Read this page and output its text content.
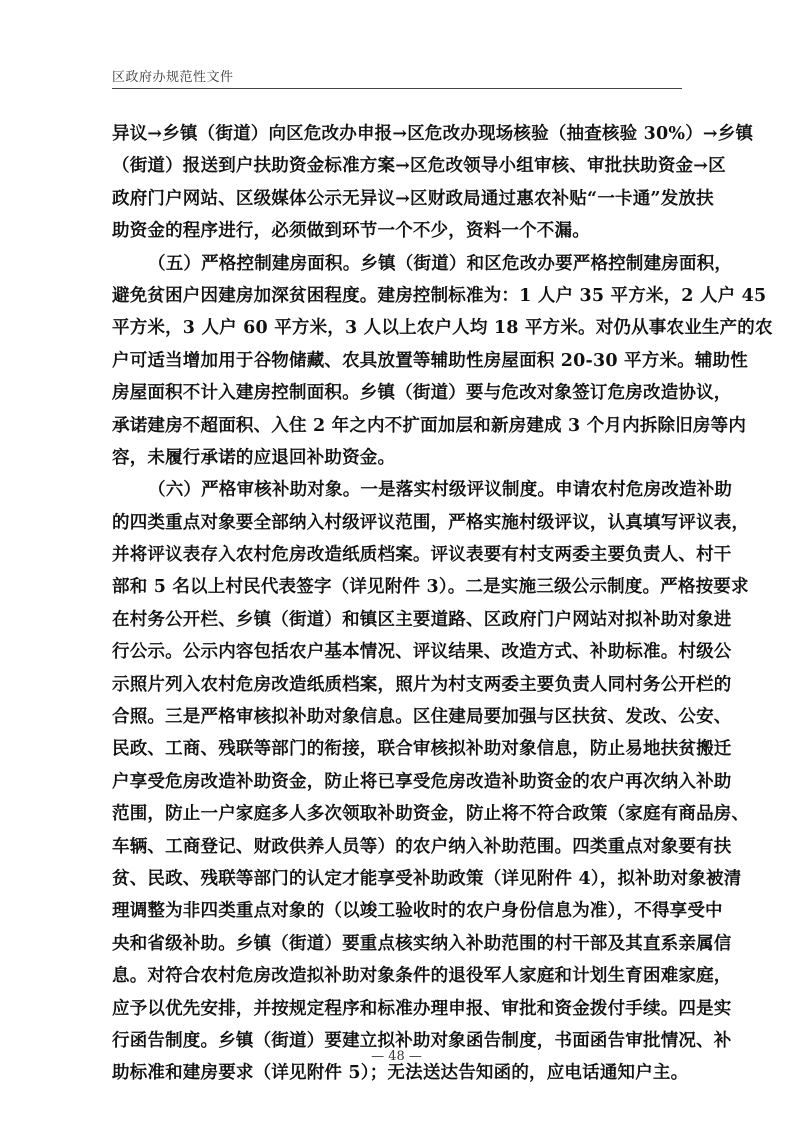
区政府办规范性文件
异议→乡镇（街道）向区危改办申报→区危改办现场核验（抽查核验 30%）→乡镇
（街道）报送到户扶助资金标准方案→区危改领导小组审核、审批扶助资金→区
政府门户网站、区级媒体公示无异议→区财政局通过惠农补贴“一卡通”发放扶
助资金的程序进行，必须做到环节一个不少，资料一个不漏。
（五）严格控制建房面积。乡镇（街道）和区危改办要严格控制建房面积，
避免贫困户因建房加深贫困程度。建房控制标准为：1 人户 35 平方米，2 人户 45
平方米，3 人户 60 平方米，3 人以上农户人均 18 平方米。对仍从事农业生产的农
户可适当增加用于谷物储藏、农具放置等辅助性房屋面积 20-30 平方米。辅助性
房屋面积不计入建房控制面积。乡镇（街道）要与危改对象签订危房改造协议，
承诺建房不超面积、入住 2 年之内不扩面加层和新房建成 3 个月内拆除旧房等内
容，未履行承诺的应退回补助资金。
（六）严格审核补助对象。一是落实村级评议制度。申请农村危房改造补助
的四类重点对象要全部纳入村级评议范围，严格实施村级评议，认真填写评议表，
并将评议表存入农村危房改造纸质档案。评议表要有村支两委主要负责人、村干
部和 5 名以上村民代表签字（详见附件 3）。二是实施三级公示制度。严格按要求
在村务公开栏、乡镇（街道）和镇区主要道路、区政府门户网站对拟补助对象进
行公示。公示内容包括农户基本情况、评议结果、改造方式、补助标准。村级公
示照片列入农村危房改造纸质档案，照片为村支两委主要负责人同村务公开栏的
合照。三是严格审核拟补助对象信息。区住建局要加强与区扶贫、发改、公安、
民政、工商、残联等部门的衔接，联合审核拟补助对象信息，防止易地扶贫搬迁
户享受危房改造补助资金，防止将已享受危房改造补助资金的农户再次纳入补助
范围，防止一户家庭多人多次领取补助资金，防止将不符合政策（家庭有商品房、
车辆、工商登记、财政供养人员等）的农户纳入补助范围。四类重点对象要有扶
贫、民政、残联等部门的认定才能享受补助政策（详见附件 4），拟补助对象被清
理调整为非四类重点对象的（以竣工验收时的农户身份信息为准），不得享受中
央和省级补助。乡镇（街道）要重点核实纳入补助范围的村干部及其直系亲属信
息。对符合农村危房改造拟补助对象条件的退役军人家庭和计划生育困难家庭，
应予以优先安排，并按规定程序和标准办理申报、审批和资金拨付手续。四是实
行函告制度。乡镇（街道）要建立拟补助对象函告制度，书面函告审批情况、补
助标准和建房要求（详见附件 5）；无法送达告知函的，应电话通知户主。
— 48 —
